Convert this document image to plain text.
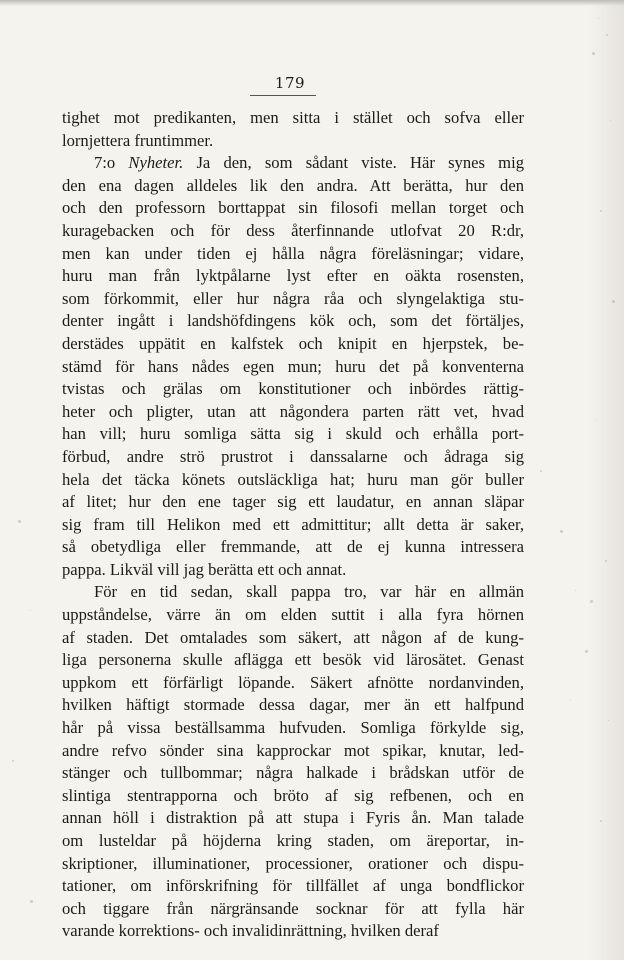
179
tighet mot predikanten, men sitta i stället och sofva eller
lornjettera fruntimmer.
7:o Nyheter. Ja den, som sådant viste. Här synes mig
den ena dagen alldeles lik den andra. Att berätta, hur den
och den professorn borttappat sin filosofi mellan torget och
kuragebacken och för dess återfinnande utlofvat 20 R:dr,
men kan under tiden ej hålla några föreläsningar; vidare,
huru man från lyktpålarne lyst efter en oäkta rosensten,
som förkommit, eller hur några råa och slyngelaktiga stu-
denter ingått i landshöfdingens kök och, som det förtäljes,
derstädes uppätit en kalfstek och knipit en hjerpstek, be-
stämd för hans nådes egen mun; huru det på konventerna
tvistas och grälas om konstitutioner och inbördes rättig-
heter och pligter, utan att någondera parten rätt vet, hvad
han vill; huru somliga sätta sig i skuld och erhålla port-
förbud, andre strö prustrot i danssalarne och ådraga sig
hela det täcka könets outsläckliga hat; huru man gör buller
af litet; hur den ene tager sig ett laudatur, en annan släpar
sig fram till Helikon med ett admittitur; allt detta är saker,
så obetydliga eller fremmande, att de ej kunna intressera
pappa. Likväl vill jag berätta ett och annat.
För en tid sedan, skall pappa tro, var här en allmän
uppståndelse, värre än om elden suttit i alla fyra hörnen
af staden. Det omtalades som säkert, att någon af de kung-
liga personerna skulle aflägga ett besök vid lärosätet. Genast
uppkom ett förfärligt löpande. Säkert afnötte nordanvinden,
hvilken häftigt stormade dessa dagar, mer än ett halfpund
hår på vissa beställsamma hufvuden. Somliga förkylde sig,
andre refvo sönder sina kapprockar mot spikar, knutar, led-
stänger och tullbommar; några halkade i brådskan utför de
slintiga stentrapporna och bröto af sig refbenen, och en
annan höll i distraktion på att stupa i Fyris ån. Man talade
om lusteldar på höjderna kring staden, om äreportar, in-
skriptioner, illuminationer, processioner, orationer och dispu-
tationer, om införskrifning för tillfället af unga bondflickor
och tiggare från närgränsande socknar för att fylla här
varande korrektions- och invalidinrättning, hvilken deraf
